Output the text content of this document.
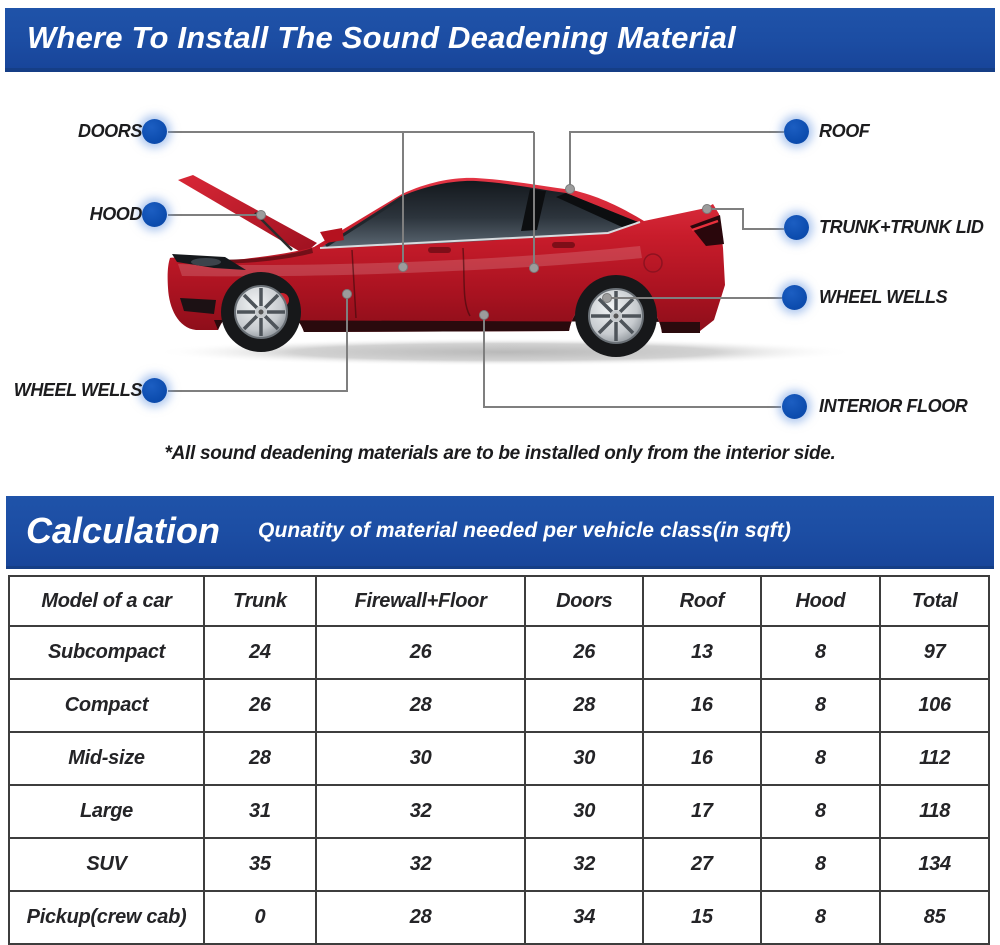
Where To Install The Sound Deadening Material
DOORS
HOOD
WHEEL WELLS
ROOF
TRUNK+TRUNK LID
WHEEL WELLS
INTERIOR FLOOR
*All sound deadening materials are to be installed only from the interior side.
Calculation	Qunatity of material needed per vehicle class(in sqft)
Model of a car	Trunk	Firewall+Floor	Doors	Roof	Hood	Total
Subcompact	24	26	26	13	8	97
Compact	26	28	28	16	8	106
Mid-size	28	30	30	16	8	112
Large	31	32	30	17	8	118
SUV	35	32	32	27	8	134
Pickup(crew cab)	0	28	34	15	8	85
